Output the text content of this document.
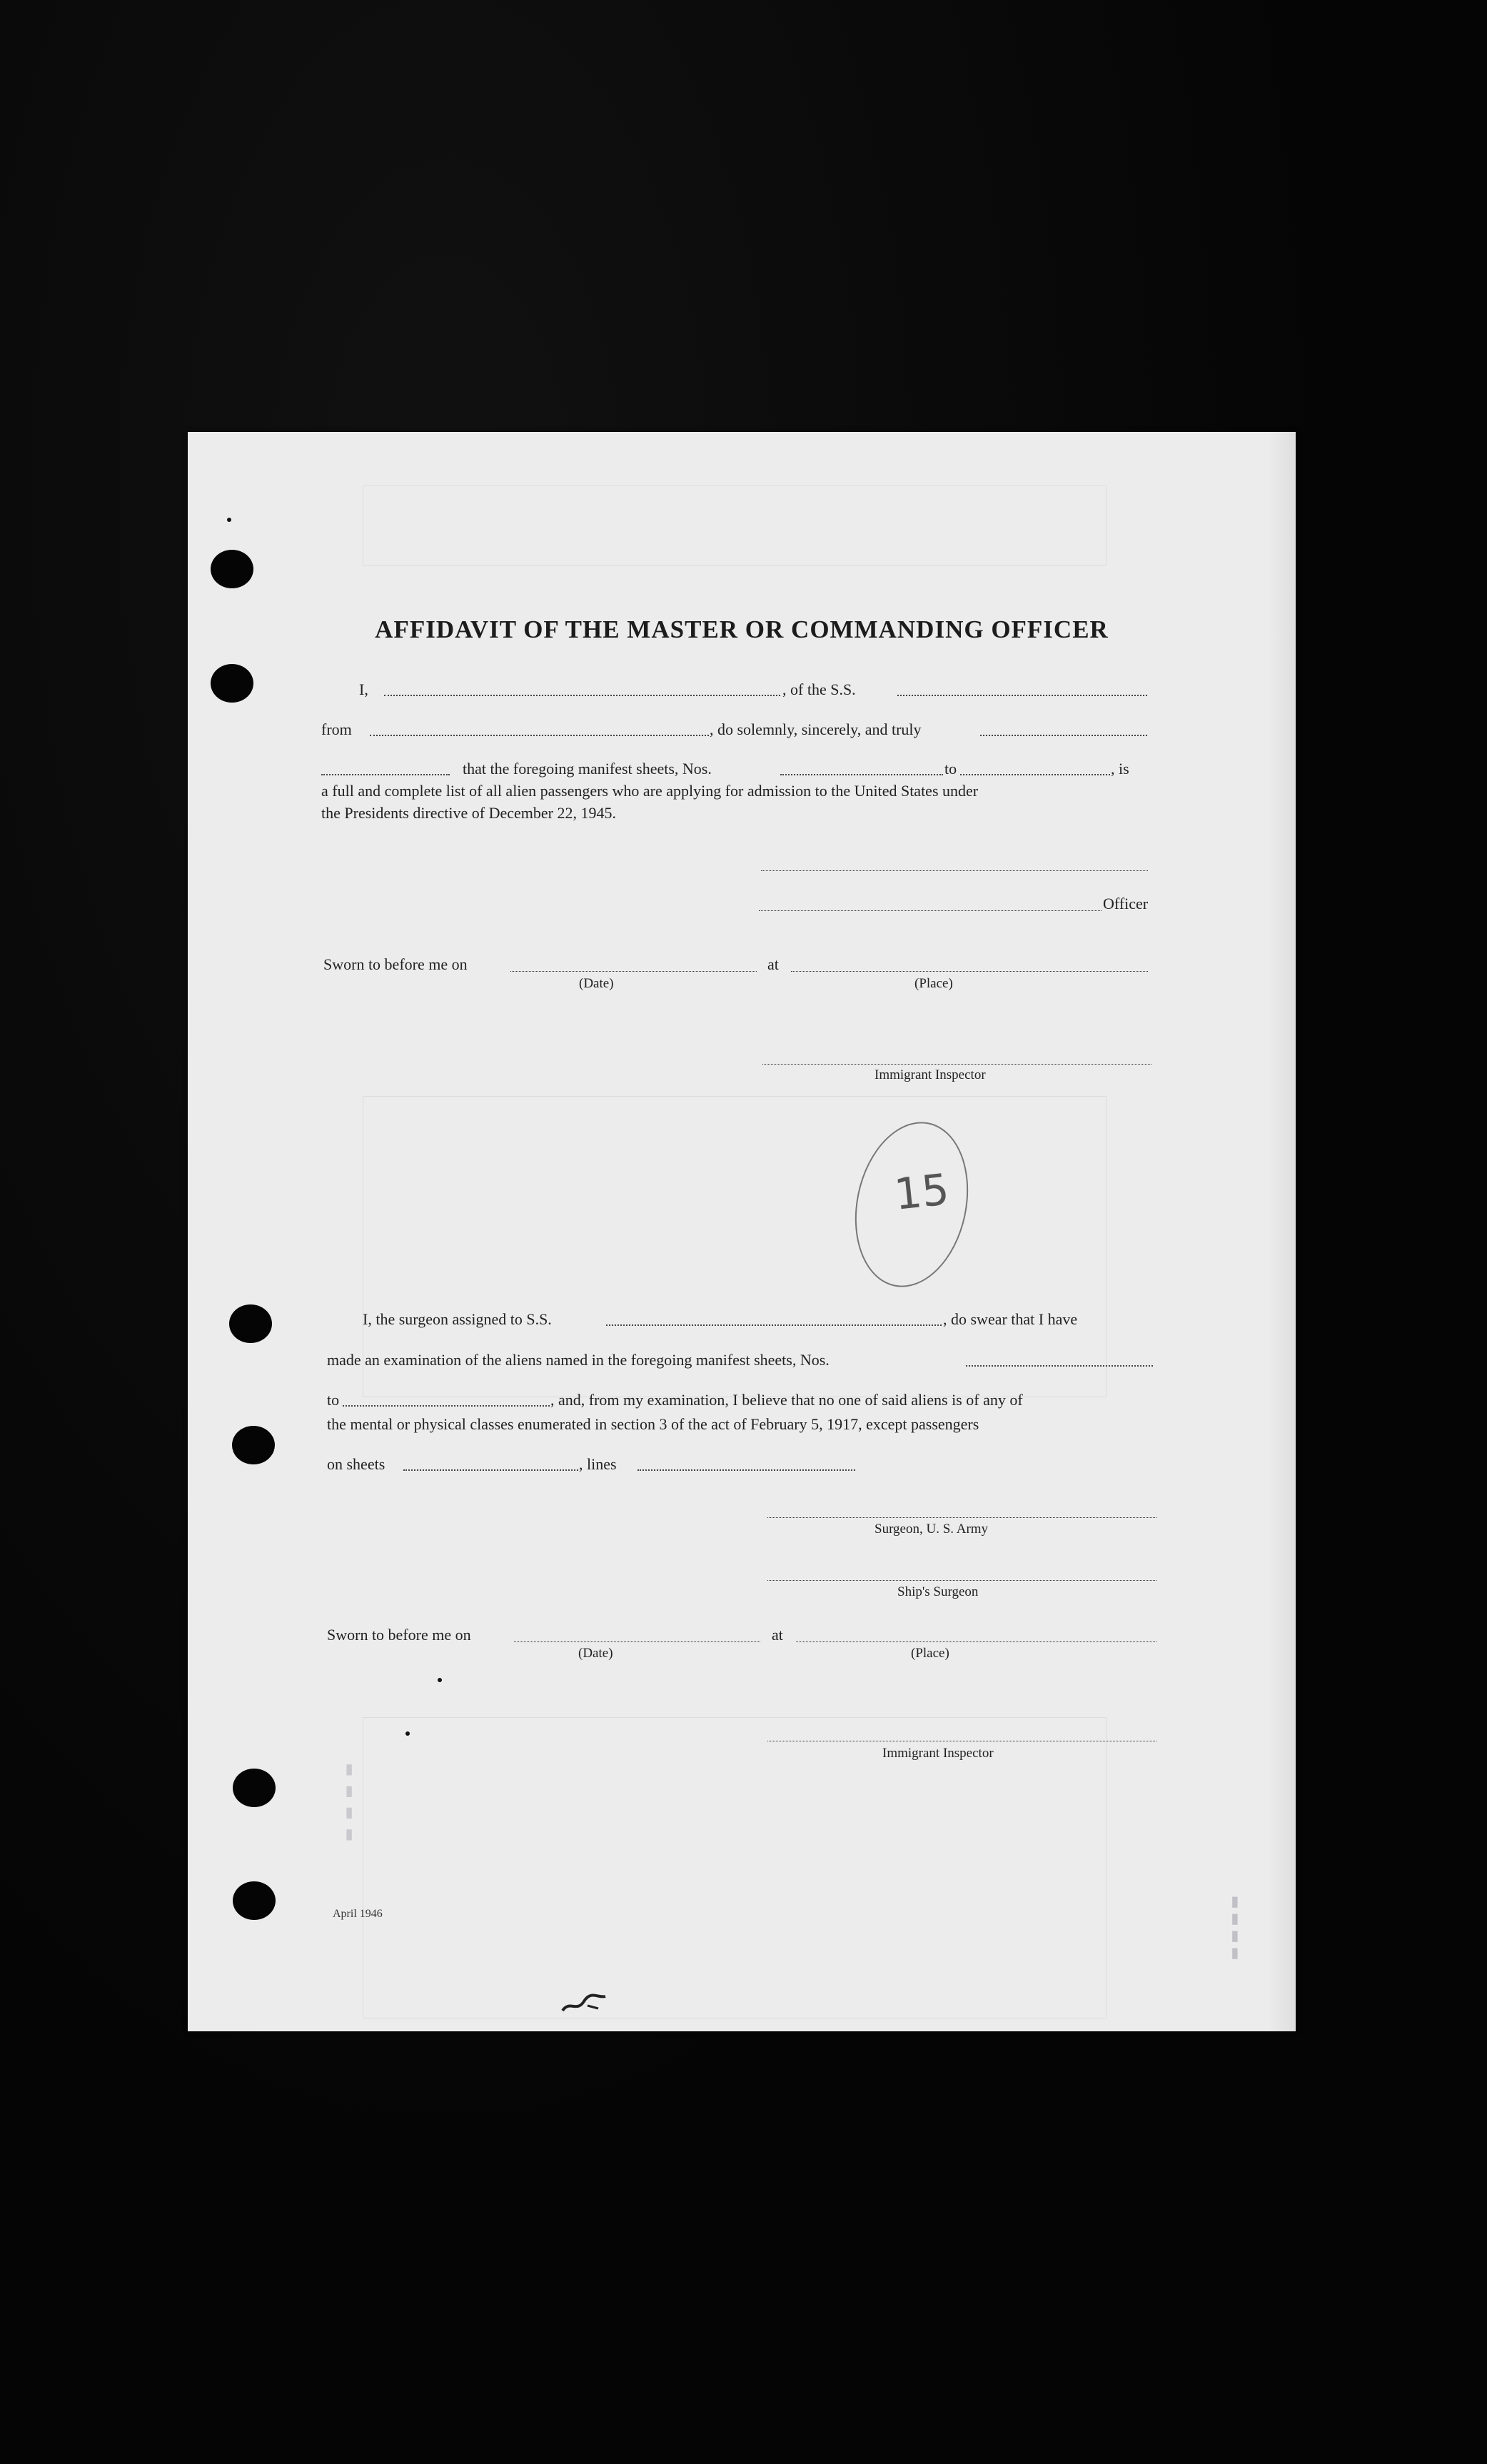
AFFIDAVIT OF THE MASTER OR COMMANDING OFFICER
I,	, of the S.S.
from	, do solemnly, sincerely, and truly
that the foregoing manifest sheets, Nos.	to	, is
a full and complete list of all alien passengers who are applying for admission to the United States under
the Presidents directive of December 22, 1945.
Officer
Sworn to before me on	at
(Date)	(Place)
Immigrant Inspector
15
I, the surgeon assigned to S.S.	, do swear that I have
made an examination of the aliens named in the foregoing manifest sheets, Nos.
to	, and, from my examination, I believe that no one of said aliens is of any of
the mental or physical classes enumerated in section 3 of the act of February 5, 1917, except passengers
on sheets	, lines
Surgeon, U. S. Army
Ship's Surgeon
Sworn to before me on	at
(Date)	(Place)
Immigrant Inspector
▮▮▮▮
▮ ▮ ▮ ▮
April 1946
